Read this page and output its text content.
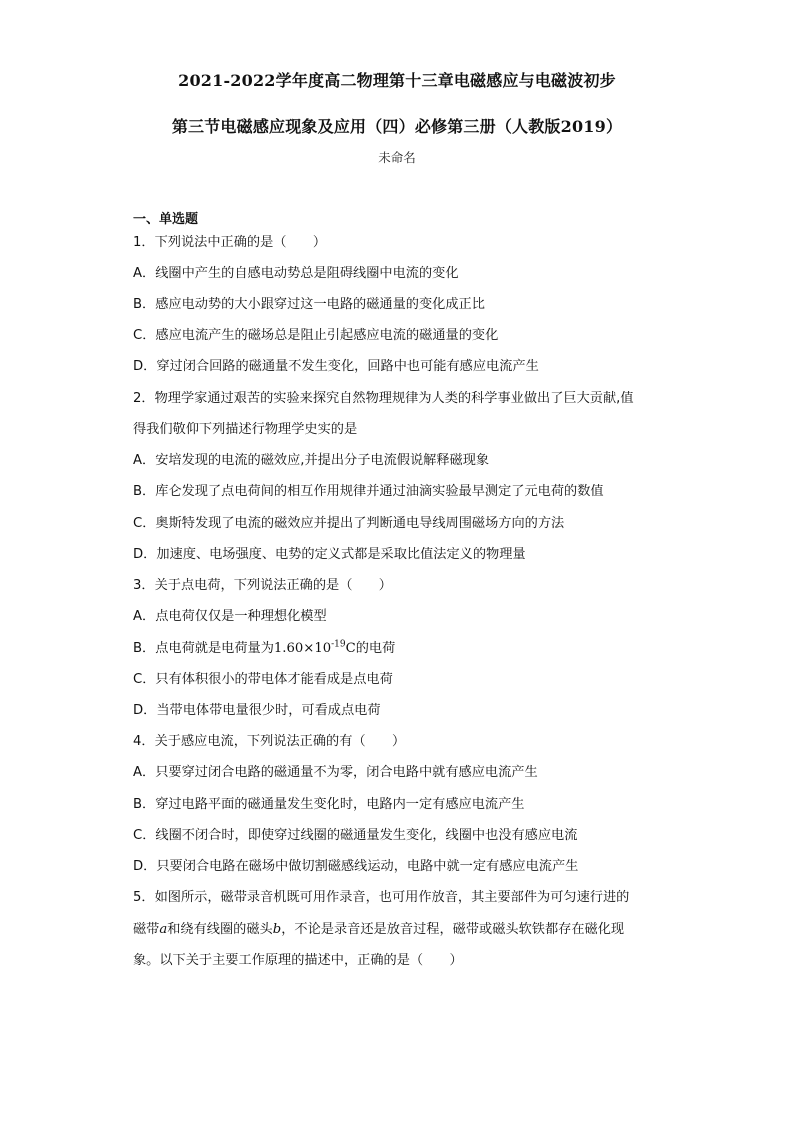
2021-2022学年度高二物理第十三章电磁感应与电磁波初步
第三节电磁感应现象及应用（四）必修第三册（人教版2019）
未命名
一、单选题
1．下列说法中正确的是（　　）
A．线圈中产生的自感电动势总是阻碍线圈中电流的变化
B．感应电动势的大小跟穿过这一电路的磁通量的变化成正比
C．感应电流产生的磁场总是阻止引起感应电流的磁通量的变化
D．穿过闭合回路的磁通量不发生变化，回路中也可能有感应电流产生
2．物理学家通过艰苦的实验来探究自然物理规律为人类的科学事业做出了巨大贡献,值
得我们敬仰下列描述行物理学史实的是
A．安培发现的电流的磁效应,并提出分子电流假说解释磁现象
B．库仑发现了点电荷间的相互作用规律并通过油滴实验最早测定了元电荷的数值
C．奥斯特发现了电流的磁效应并提出了判断通电导线周围磁场方向的方法
D．加速度、电场强度、电势的定义式都是采取比值法定义的物理量
3．关于点电荷，下列说法正确的是（　　）
A．点电荷仅仅是一种理想化模型
B．点电荷就是电荷量为$1.60\times 10^{-19}C$的电荷
C．只有体积很小的带电体才能看成是点电荷
D．当带电体带电量很少时，可看成点电荷
4．关于感应电流，下列说法正确的有（　　）
A．只要穿过闭合电路的磁通量不为零，闭合电路中就有感应电流产生
B．穿过电路平面的磁通量发生变化时，电路内一定有感应电流产生
C．线圈不闭合时，即使穿过线圈的磁通量发生变化，线圈中也没有感应电流
D．只要闭合电路在磁场中做切割磁感线运动，电路中就一定有感应电流产生
5．如图所示，磁带录音机既可用作录音，也可用作放音，其主要部件为可匀速行进的
磁带a和绕有线圈的磁头b，不论是录音还是放音过程，磁带或磁头软铁都存在磁化现
象。以下关于主要工作原理的描述中，正确的是（　　）
